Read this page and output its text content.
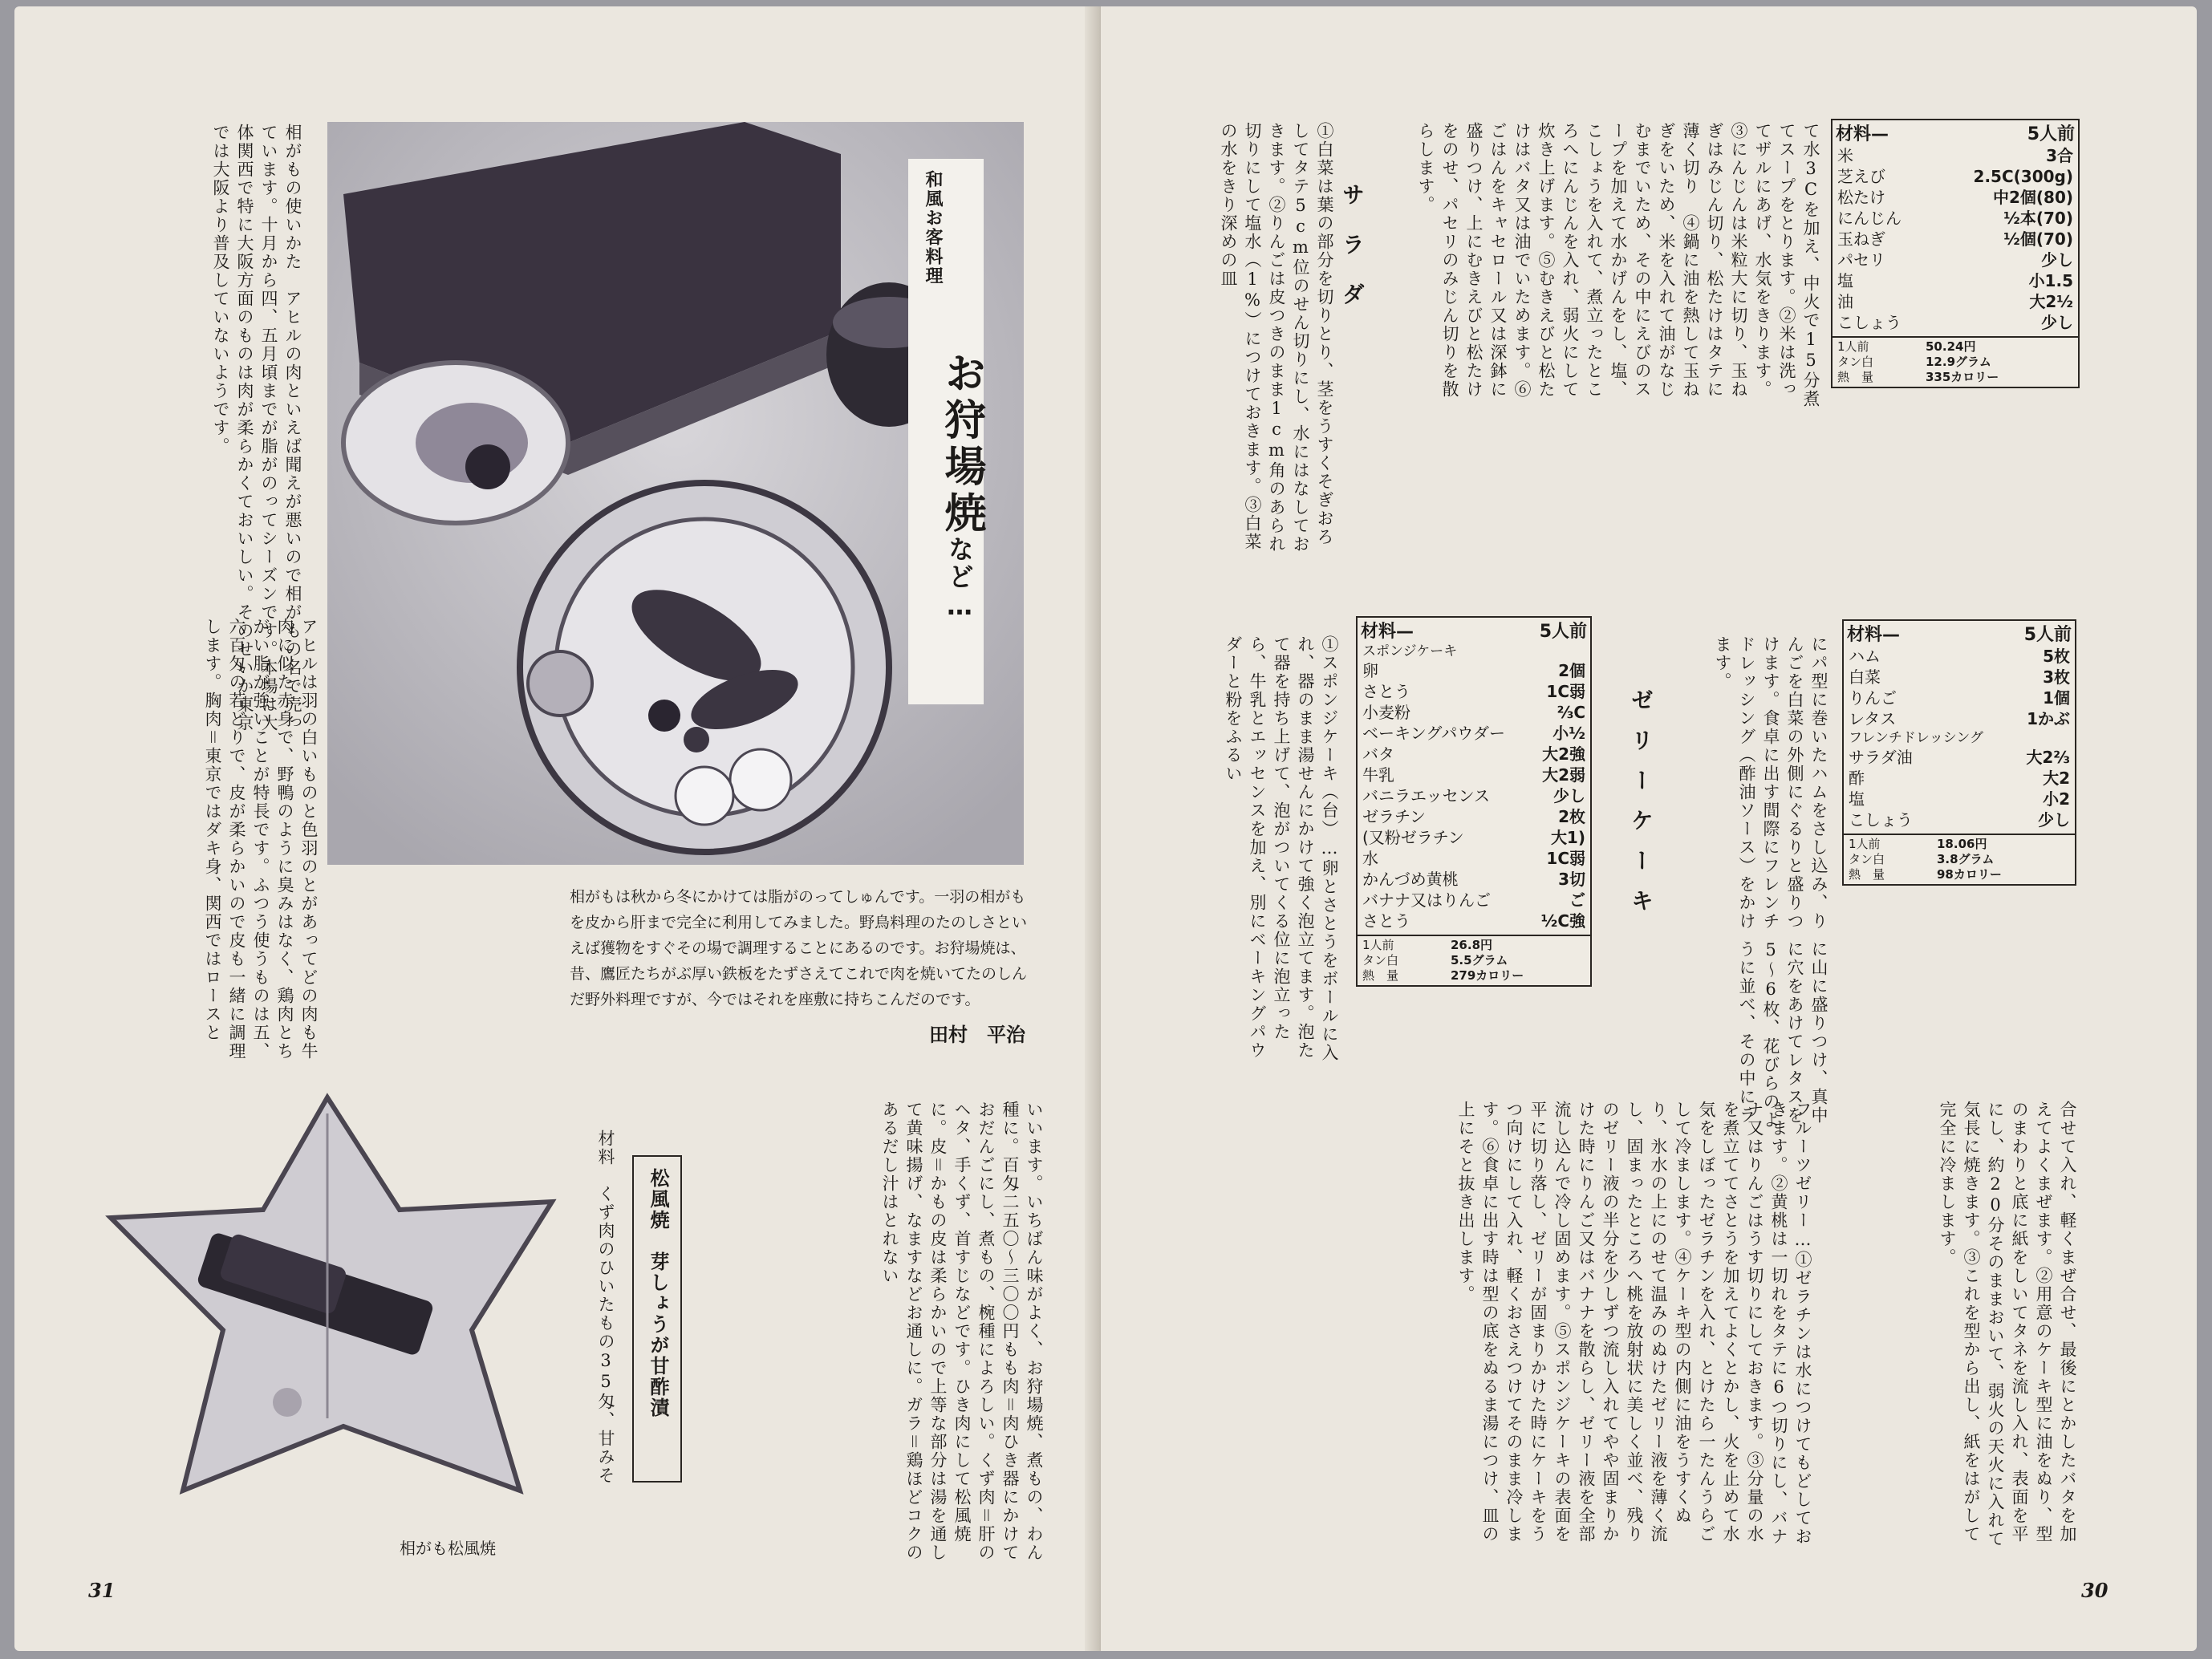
和風お客料理
お狩場焼
など…
相がもの使いかた　アヒルの肉といえば聞えが悪いので相がもの名で売っています。十月から四、五月頃までが脂がのってシーズンです。本場は大体関西で特に大阪方面のものは肉が柔らかくておいしい。そのせいか東京では大阪より普及していないようです。
アヒルは羽の白いものと色羽のとがあってどの肉も牛肉に似た赤身で、野鴨のように臭みはなく、鶏肉とちがい脂が強いことが特長です。ふつう使うものは五、六百匁の若どりで、皮が柔らかいので皮も一緒に調理します。胸肉＝東京ではダキ身、関西ではロースと	相がもは秋から冬にかけては脂がのってしゅんです。一羽の相がもを皮から肝まで完全に利用してみました。野鳥料理のたのしさといえば獲物をすぐその場で調理することにあるのです。お狩場焼は、昔、鷹匠たちがぶ厚い鉄板をたずさえてこれで肉を焼いてたのしんだ野外料理ですが、今ではそれを座敷に持ちこんだのです。
田村　平治
いいます。いちばん味がよく、お狩場焼、煮もの、わん種に。百匁二五〇〜三〇〇円もも肉＝肉ひき器にかけておだんごにし、煮もの、椀種によろしい。くず肉＝肝のヘタ、手くず、首すじなどです。ひき肉にして松風焼に。皮＝かもの皮は柔らかいので上等な部分は湯を通して黄味揚げ、なますなどお通しに。ガラ＝鶏ほどコクのあるだし汁はとれない
松風焼　芽しょうが甘酢漬
材料　くず肉のひいたもの35匁、甘みそ
相がも松風焼
31
材料—	5人前
米	3合
芝えび	2.5C(300g)
松たけ	中2個(80)
にんじん	½本(70)
玉ねぎ	½個(70)
パセリ	少し
塩	小1.5
油	大2½
こしょう	少し
1人前	50.24円
タン白	12.9グラム
熱　量	335カロリー
て水3Cを加え、中火で15分煮てスープをとります。②米は洗ってザルにあげ、水気をきります。③にんじんは米粒大に切り、玉ねぎはみじん切り、松たけはタテに薄く切り　④鍋に油を熱して玉ねぎをいため、米を入れて油がなじむまでいため、その中にえびのスープを加えて水かげんをし、塩、こしょうを入れて、煮立ったところへにんじんを入れ、弱火にして炊き上げます。⑤むきえびと松たけはバタ又は油でいためます。⑥ごはんをキャセロール又は深鉢に盛りつけ、上にむきえびと松たけをのせ、パセリのみじん切りを散らします。
サラダ
①白菜は葉の部分を切りとり、茎をうすくそぎおろしてタテ5cm位のせん切りにし、水にはなしておきます。②りんごは皮つきのまま1cm角のあられ切りにして塩水（1%）につけておきます。③白菜の水をきり深めの皿
材料—	5人前
ハム	5枚
白菜	3枚
りんご	1個
レタス	1かぶ
フレンチドレッシング
サラダ油	大2⅔
酢	大2
塩	小2
こしょう	少し
1人前	18.06円
タン白	3.8グラム
熱　量	98カロリー
にパ型に巻いたハムをさし込み、りんごを白菜の外側にぐるりと盛りつけます。食卓に出す間際にフレンチドレッシング（酢油ソース）をかけます。
に山に盛りつけ、真中に穴をあけてレタスを5〜6枚、花びらのように並べ、その中にラ
ゼリーケーキ
材料—	5人前
スポンジケーキ
卵	2個
さとう	1C弱
小麦粉	⅔C
ベーキングパウダー	小½
バタ	大2強
牛乳	大2弱
バニラエッセンス	少し
ゼラチン	2枚
(又粉ゼラチン	大1)
水	1C弱
かんづめ黄桃	3切
バナナ又はりんご	ご
さとう	½C強
1人前	26.8円
タン白	5.5グラム
熱　量	279カロリー
①スポンジケーキ（台）…卵とさとうをボールに入れ、器のまま湯せんにかけて強く泡立てます。泡たて器を持ち上げて、泡がついてくる位に泡立ったら、牛乳とエッセンスを加え、別にベーキングパウダーと粉をふるい
合せて入れ、軽くまぜ合せ、最後にとかしたバタを加えてよくまぜます。②用意のケーキ型に油をぬり、型のまわりと底に紙をしいてタネを流し入れ、表面を平にし、約20分そのままおいて、弱火の天火に入れて気長に焼きます。③これを型から出し、紙をはがして完全に冷まします。
フルーツゼリー…①ゼラチンは水につけてもどしておきます。②黄桃は一切れをタテに6つ切りにし、バナナ又はりんごはうす切りにしておきます。③分量の水を煮立ててさとうを加えてよくとかし、火を止めて水気をしぼったゼラチンを入れ、とけたら一たんうらごして冷まします。④ケーキ型の内側に油をうすくぬり、氷水の上にのせて温みのぬけたゼリー液を薄く流し、固まったところへ桃を放射状に美しく並べ、残りのゼリー液の半分を少しずつ流し入れてやや固まりかけた時にりんご又はバナナを散らし、ゼリー液を全部流し込んで冷し固めます。⑤スポンジケーキの表面を平に切り落し、ゼリーが固まりかけた時にケーキをうつ向けにして入れ、軽くおさえつけてそのまま冷します。⑥食卓に出す時は型の底をぬるま湯につけ、皿の上にそと抜き出します。
30
